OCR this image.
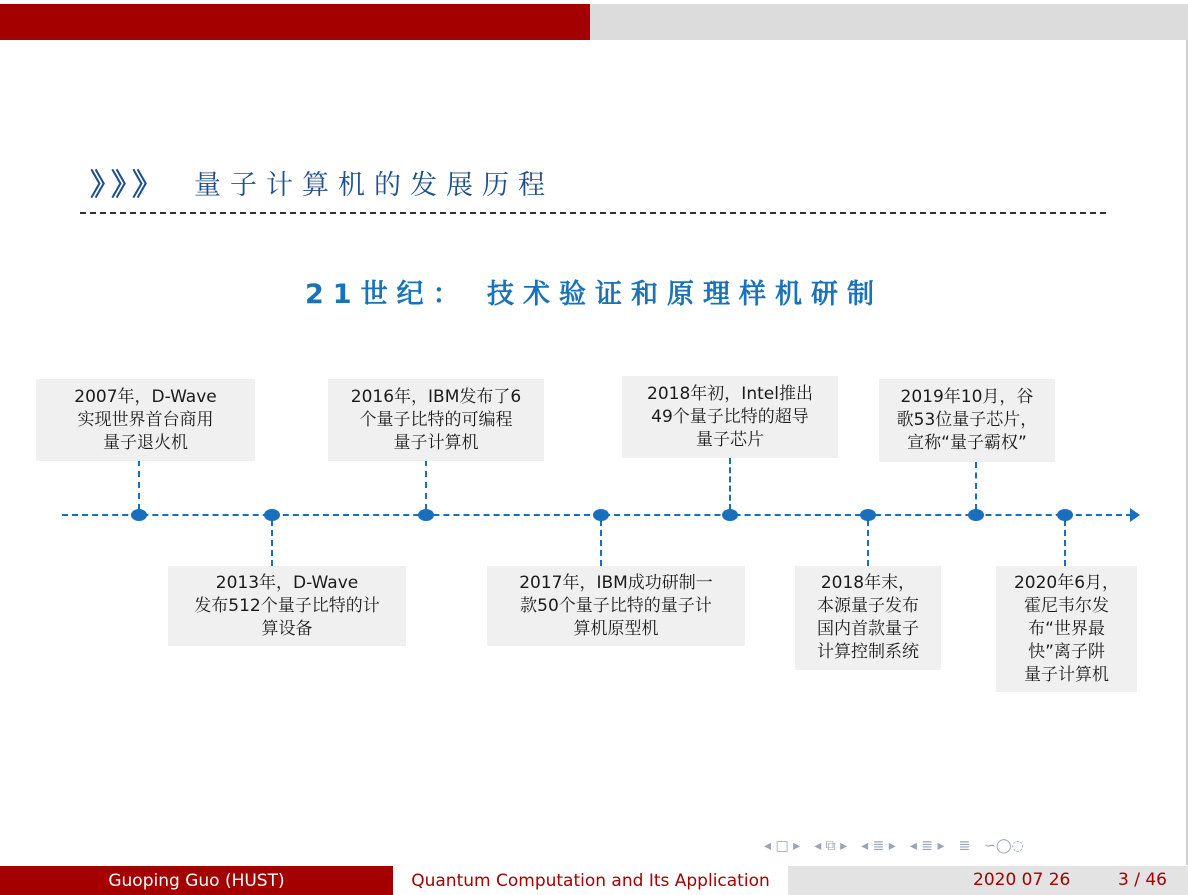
》》》 量子计算机的发展历程
21世纪： 技术验证和原理样机研制
2007年，D-Wave
实现世界首台商用
量子退火机
2016年，IBM发布了6
个量子比特的可编程
量子计算机
2018年初，Intel推出
49个量子比特的超导
量子芯片
2019年10月，谷
歌53位量子芯片，
宣称“量子霸权”
2013年，D-Wave
发布512个量子比特的计
算设备
2017年，IBM成功研制一
款50个量子比特的量子计
算机原型机
2018年末，
本源量子发布
国内首款量子
计算控制系统
2020年6月，
霍尼韦尔发
布“世界最
快”离子阱
量子计算机
◂ □ ▸ ◂ ⧉ ▸ ◂ ≣ ▸ ◂ ≣ ▸ ≣ ∽◯◌
Guoping Guo (HUST)	Quantum Computation and Its Application	2020 07 26	3 / 46
